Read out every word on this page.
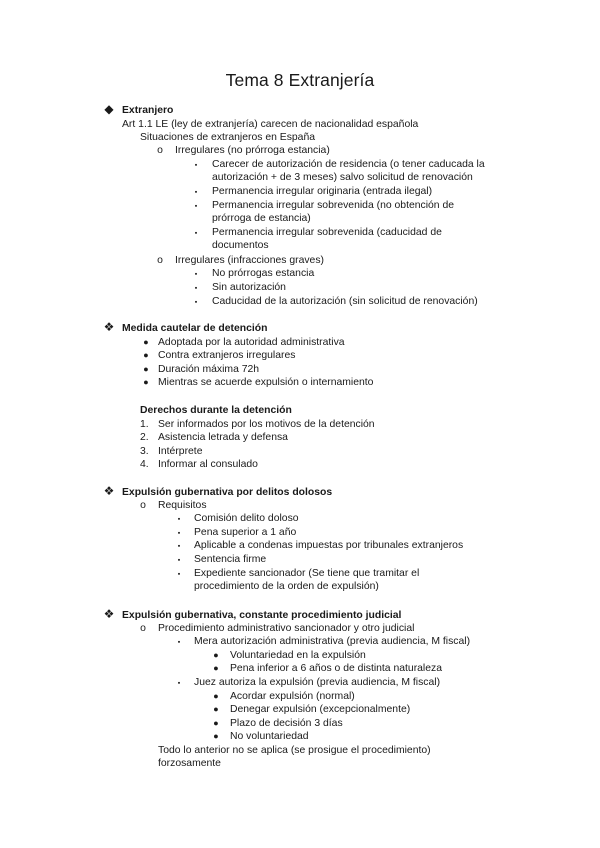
Tema 8 Extranjería
◆ Extranjero
Art 1.1 LE (ley de extranjería) carecen de nacionalidad española
Situaciones de extranjeros en España
o Irregulares (no prórroga estancia)
▪	Carecer de autorización de residencia (o tener caducada la
autorización + de 3 meses) salvo solicitud de renovación
▪	Permanencia irregular originaria (entrada ilegal)
▪	Permanencia irregular sobrevenida (no obtención de
prórroga de estancia)
▪	Permanencia irregular sobrevenida (caducidad de
documentos
o Irregulares (infracciones graves)
▪	No prórrogas estancia
▪	Sin autorización
▪	Caducidad de la autorización (sin solicitud de renovación)
❖ Medida cautelar de detención
● Adoptada por la autoridad administrativa
● Contra extranjeros irregulares
● Duración máxima 72h
● Mientras se acuerde expulsión o internamiento
Derechos durante la detención
1. Ser informados por los motivos de la detención
2. Asistencia letrada y defensa
3. Intérprete
4. Informar al consulado
❖ Expulsión gubernativa por delitos dolosos
o Requisitos
▪	Comisión delito doloso
▪	Pena superior a 1 año
▪	Aplicable a condenas impuestas por tribunales extranjeros
▪	Sentencia firme
▪	Expediente sancionador (Se tiene que tramitar el
procedimiento de la orden de expulsión)
❖ Expulsión gubernativa, constante procedimiento judicial
o Procedimiento administrativo sancionador y otro judicial
▪	Mera autorización administrativa (previa audiencia, M fiscal)
● Voluntariedad en la expulsión
● Pena inferior a 6 años o de distinta naturaleza
▪	Juez autoriza la expulsión (previa audiencia, M fiscal)
● Acordar expulsión (normal)
● Denegar expulsión (excepcionalmente)
● Plazo de decisión 3 días
● No voluntariedad
Todo lo anterior no se aplica (se prosigue el procedimiento)
forzosamente
